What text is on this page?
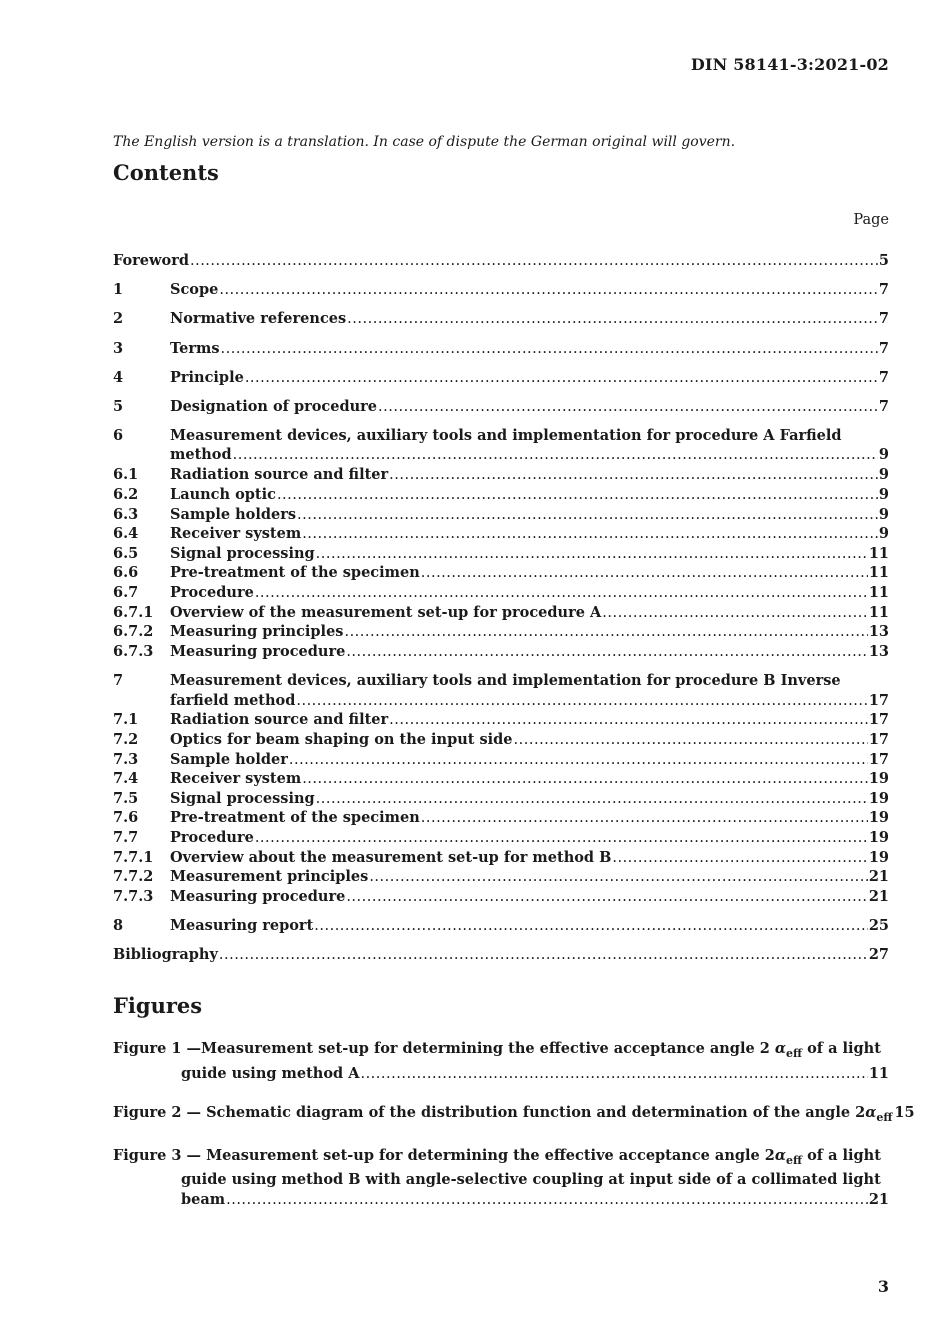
DIN 58141-3:2021-02
The English version is a translation. In case of dispute the German original will govern.
Contents
Page
Foreword .....	5
1	Scope .....	7
2	Normative references .....	7
3	Terms .....	7
4	Principle .....	7
5	Designation of procedure .....	7
6	Measurement devices, auxiliary tools and implementation for procedure A Farfield
method .....	9
6.1 Radiation source and filter .....	9
6.2 Launch optic .....	9
6.3 Sample holders .....	9
6.4 Receiver system .....	9
6.5 Signal processing .....	11
6.6 Pre-treatment of the specimen .....	11
6.7 Procedure .....	11
6.7.1 Overview of the measurement set-up for procedure A .....	11
6.7.2 Measuring principles .....	13
6.7.3 Measuring procedure .....	13
7	Measurement devices, auxiliary tools and implementation for procedure B Inverse
farfield method .....	17
7.1 Radiation source and filter .....	17
7.2 Optics for beam shaping on the input side .....	17
7.3 Sample holder .....	17
7.4 Receiver system .....	19
7.5 Signal processing .....	19
7.6 Pre-treatment of the specimen .....	19
7.7 Procedure .....	19
7.7.1 Overview about the measurement set-up for method B .....	19
7.7.2 Measurement principles .....	21
7.7.3 Measuring procedure .....	21
8	Measuring report .....	25
Bibliography .....	27
Figures
Figure 1 —Measurement set-up for determining the effective acceptance angle 2 $\alpha_{eff}$ of a light
guide using method A .....	11
Figure 2 — Schematic diagram of the distribution function and determination of the angle $2\alpha_{eff}$ 15
Figure 3 — Measurement set-up for determining the effective acceptance angle $2\alpha_{eff}$ of a light
guide using method B with angle-selective coupling at input side of a collimated light
beam .....	21
3
